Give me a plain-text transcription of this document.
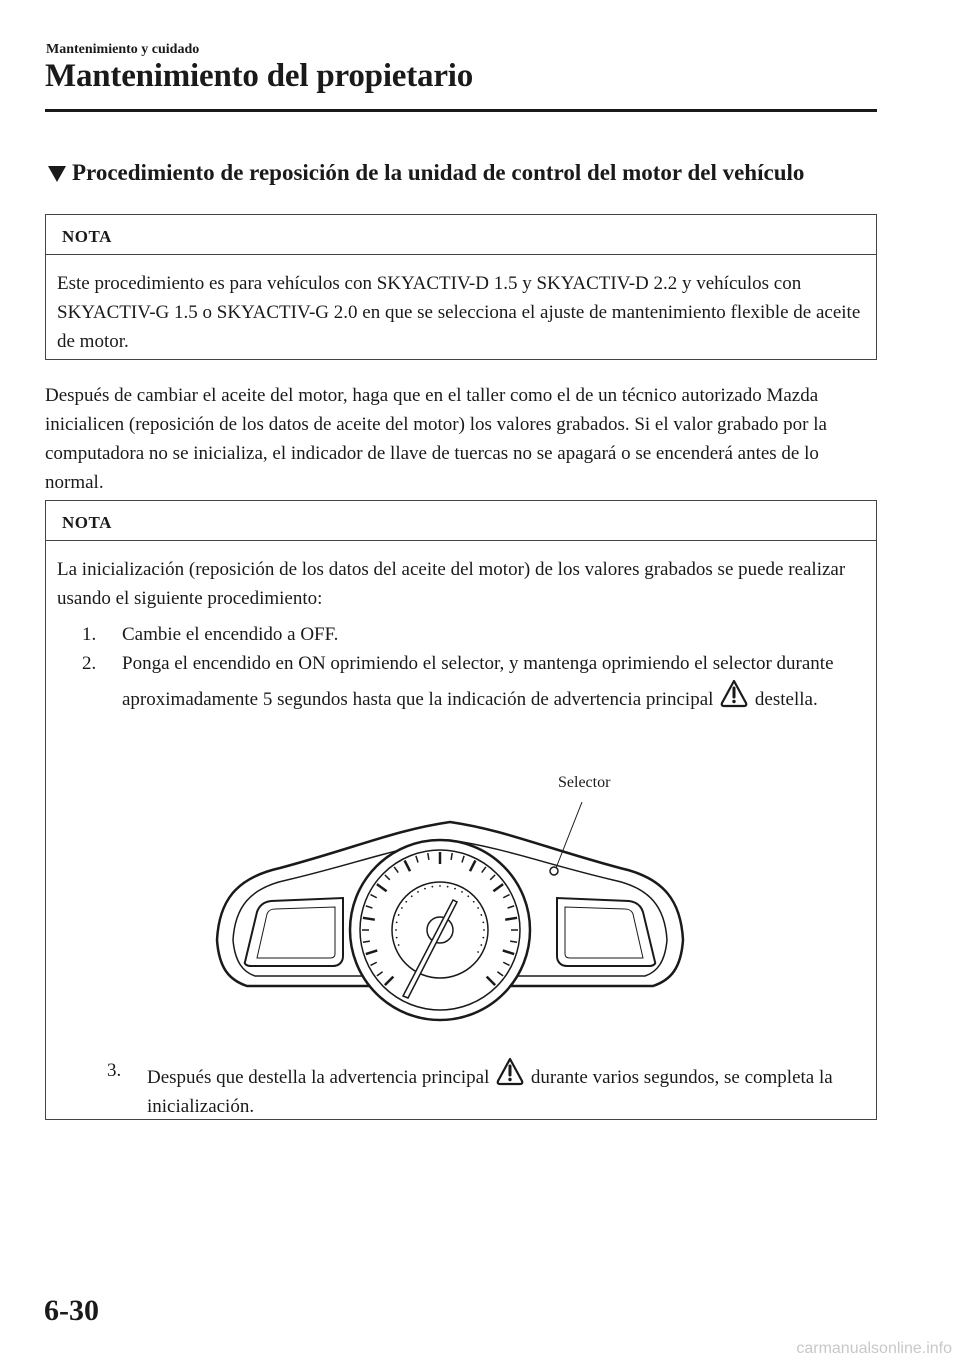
Mantenimiento y cuidado
Mantenimiento del propietario
Procedimiento de reposición de la unidad de control del motor del vehículo
NOTA
Este procedimiento es para vehículos con SKYACTIV-D 1.5 y SKYACTIV-D 2.2 y vehículos con SKYACTIV-G 1.5 o SKYACTIV-G 2.0 en que se selecciona el ajuste de mantenimiento flexible de aceite de motor.
Después de cambiar el aceite del motor, haga que en el taller como el de un técnico autorizado Mazda inicialicen (reposición de los datos de aceite del motor) los valores grabados. Si el valor grabado por la computadora no se inicializa, el indicador de llave de tuercas no se apagará o se encenderá antes de lo normal.
NOTA
La inicialización (reposición de los datos del aceite del motor) de los valores grabados se puede realizar usando el siguiente procedimiento:
1.	Cambie el encendido a OFF.
2.	Ponga el encendido en ON oprimiendo el selector, y mantenga oprimiendo el selector durante aproximadamente 5 segundos hasta que la indicación de advertencia principal destella.
3.	Después que destella la advertencia principal durante varios segundos, se completa la inicialización.
Selector
6-30
carmanualsonline.info
